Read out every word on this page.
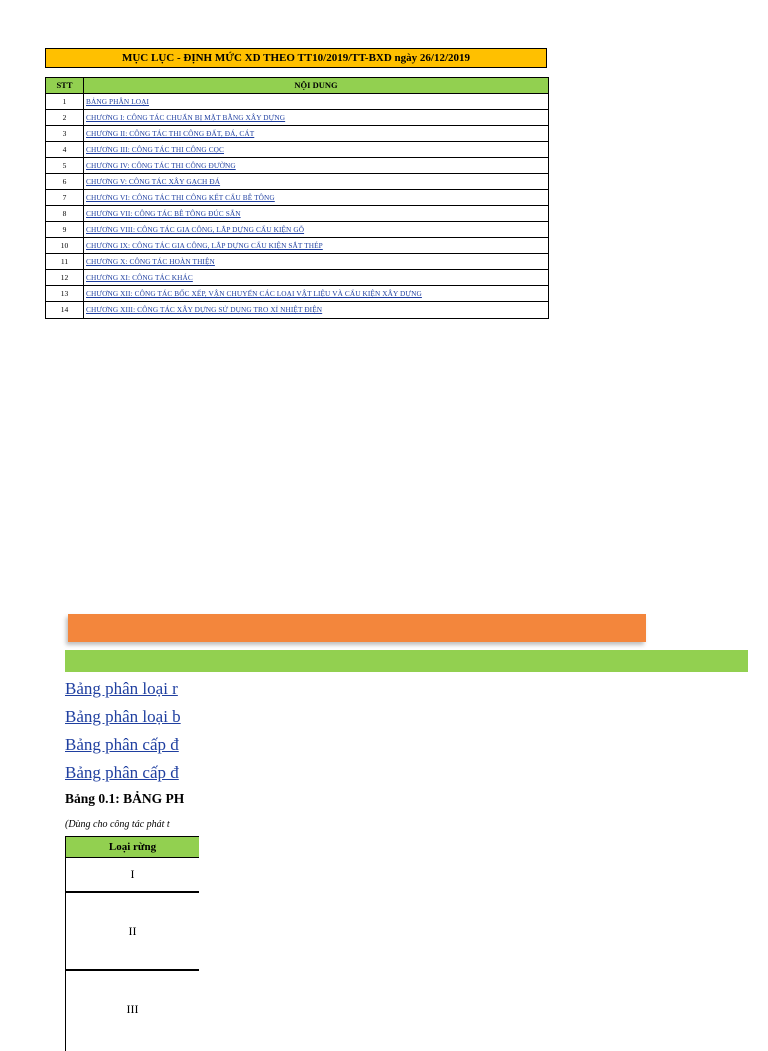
MỤC LỤC - ĐỊNH MỨC XD THEO TT10/2019/TT-BXD ngày 26/12/2019
STT	NỘI DUNG
1	BẢNG PHÂN LOẠI
2	CHƯƠNG I: CÔNG TÁC CHUẨN BỊ MẶT BẰNG XÂY DỰNG
3	CHƯƠNG II: CÔNG TÁC THI CÔNG ĐẤT, ĐÁ, CÁT
4	CHƯƠNG III: CÔNG TÁC THI CÔNG CỌC
5	CHƯƠNG IV: CÔNG TÁC THI CÔNG ĐƯỜNG
6	CHƯƠNG V: CÔNG TÁC XÂY GẠCH ĐÁ
7	CHƯƠNG VI: CÔNG TÁC THI CÔNG KẾT CẤU BÊ TÔNG
8	CHƯƠNG VII: CÔNG TÁC BÊ TÔNG ĐÚC SẴN
9	CHƯƠNG VIII: CÔNG TÁC GIA CÔNG, LẮP DỰNG CẤU KIỆN GỖ
10	CHƯƠNG IX: CÔNG TÁC GIA CÔNG, LẮP DỰNG CẤU KIỆN SẮT THÉP
11	CHƯƠNG X: CÔNG TÁC HOÀN THIỆN
12	CHƯƠNG XI: CÔNG TÁC KHÁC
13	CHƯƠNG XII: CÔNG TÁC BỐC XẾP, VẬN CHUYỂN CÁC LOẠI VẬT LIỆU VÀ CẤU KIỆN XÂY DỰNG
14	CHƯƠNG XIII: CÔNG TÁC XÂY DỰNG SỬ DỤNG TRO XỈ NHIỆT ĐIỆN
Bảng phân loại r
Bảng phân loại b
Bảng phân cấp đ
Bảng phân cấp đ
Bảng 0.1: BẢNG PH
(Dùng cho công tác phát t
Loại rừng
I
II
III
